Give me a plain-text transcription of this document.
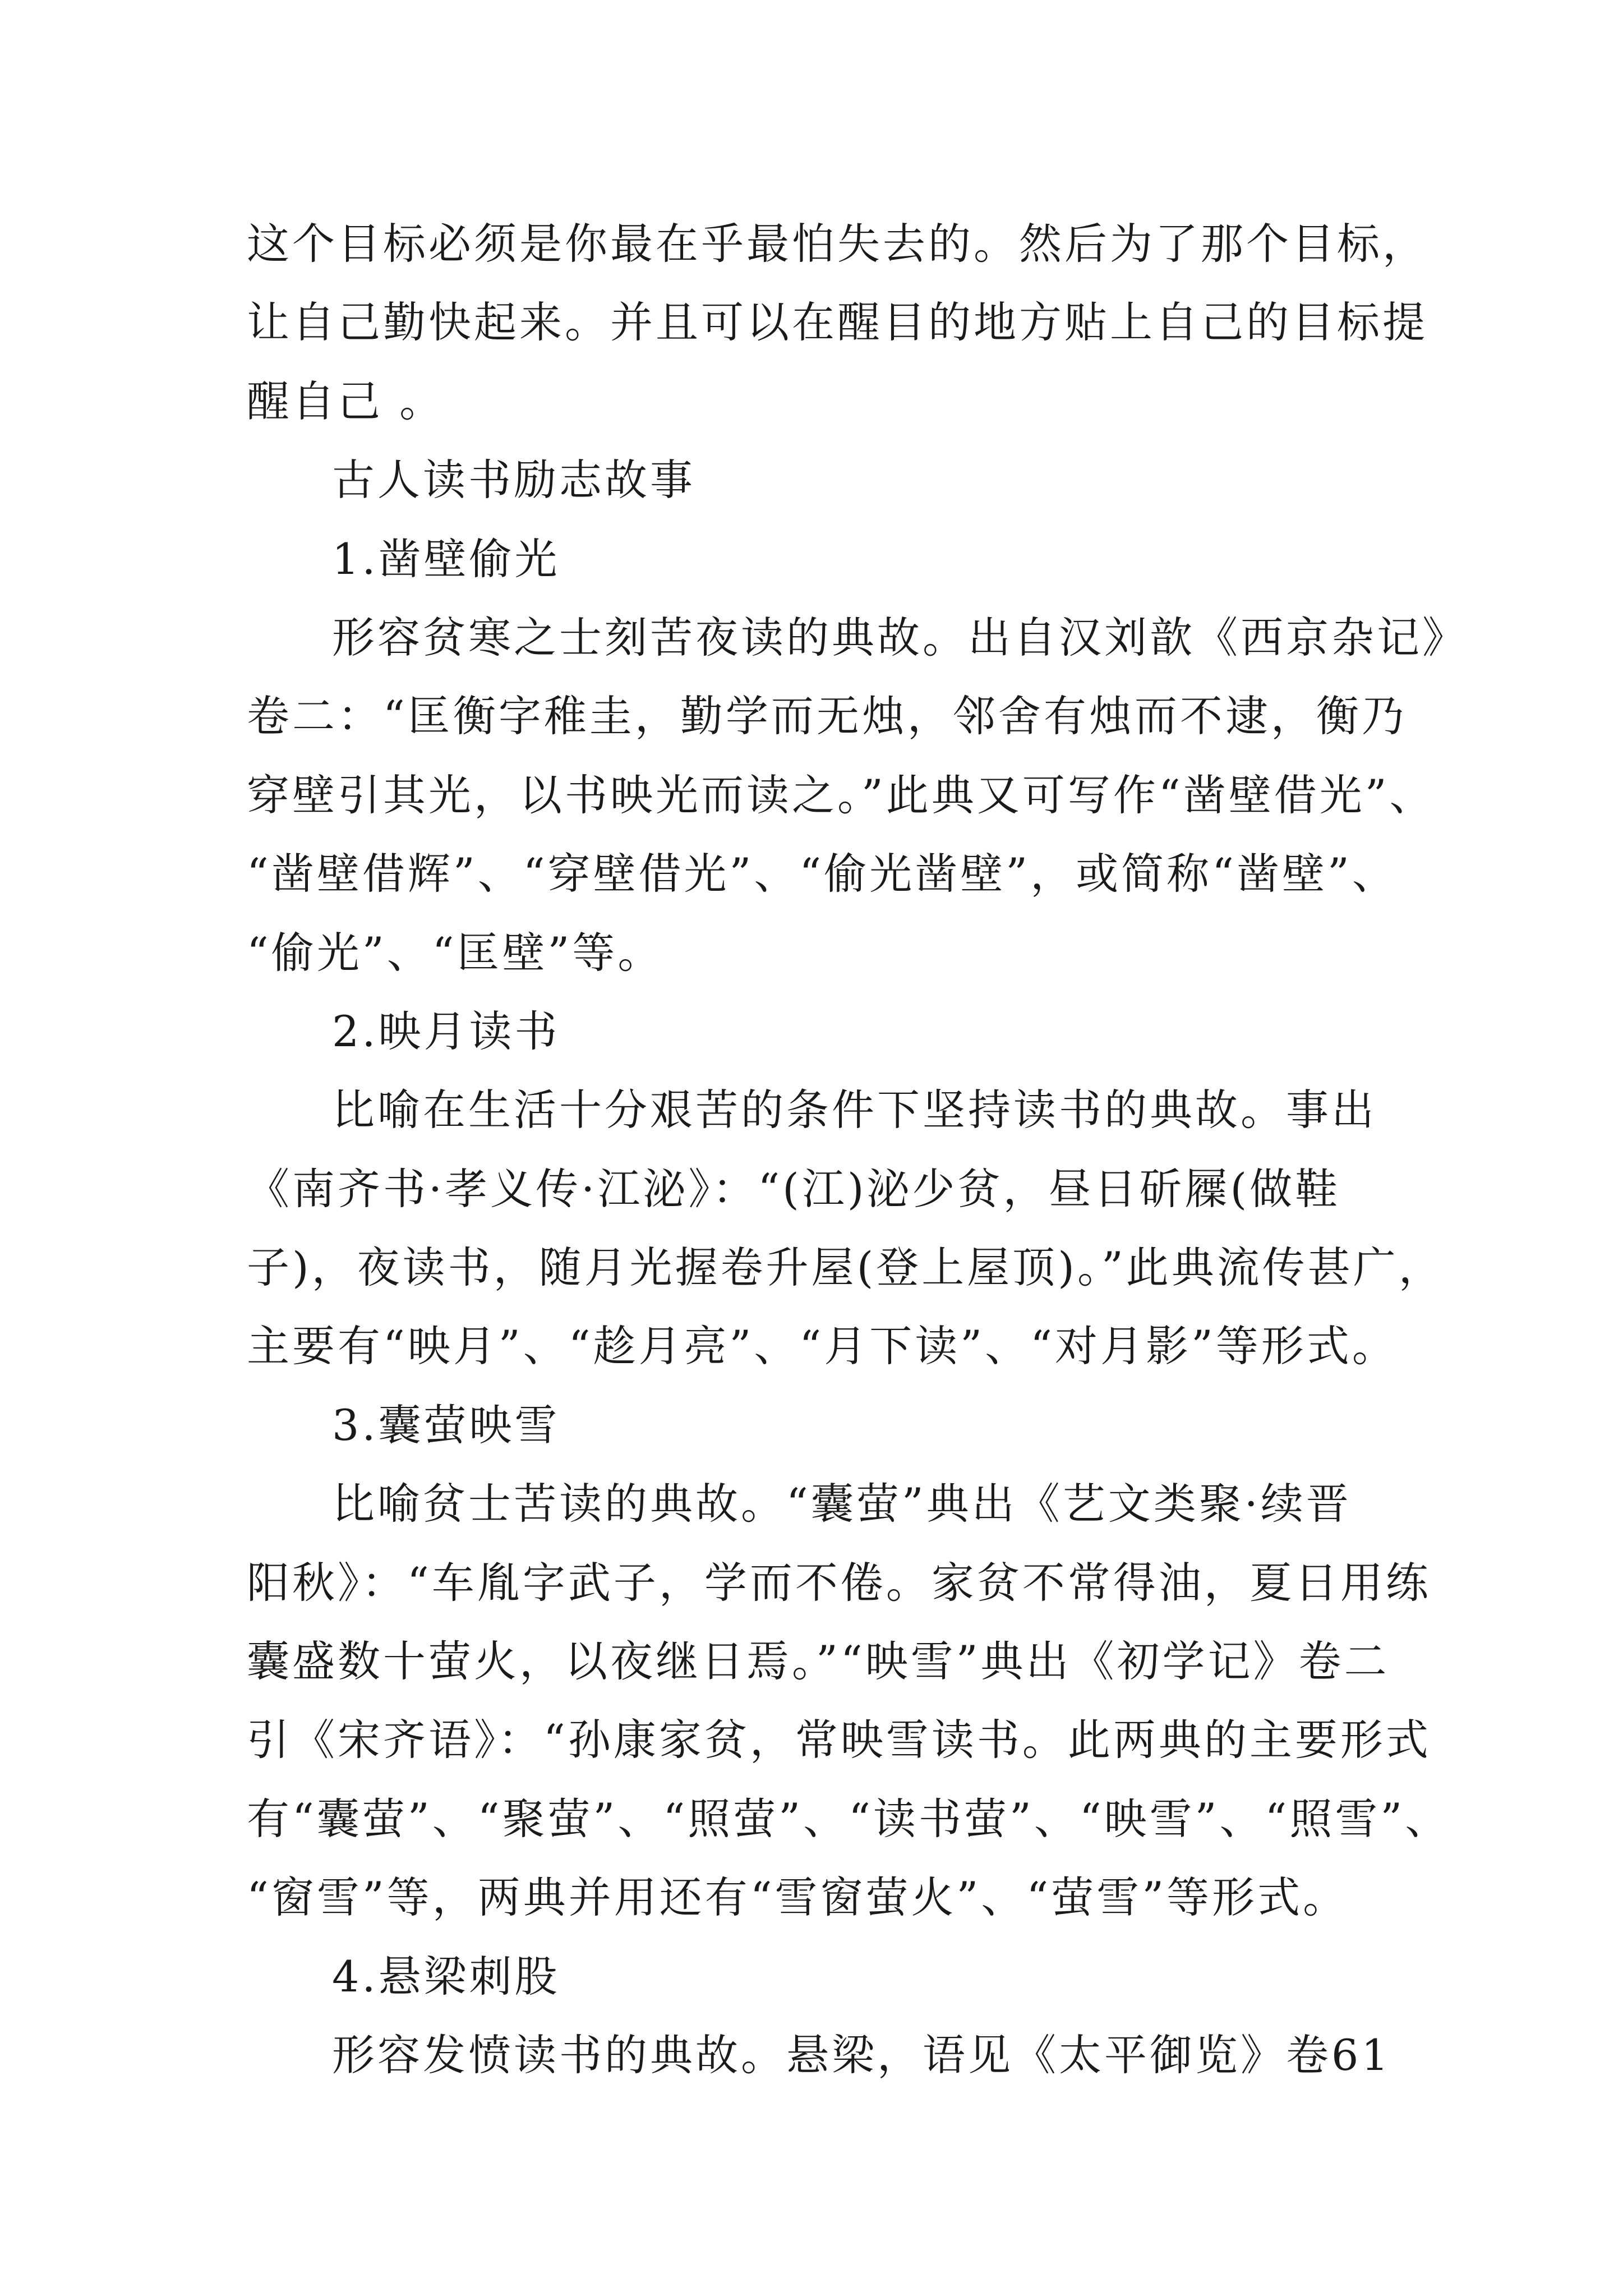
这个目标必须是你最在乎最怕失去的。然后为了那个目标，
让自己勤快起来。并且可以在醒目的地方贴上自己的目标提
醒自己 。
古人读书励志故事
1.凿壁偷光
形容贫寒之士刻苦夜读的典故。出自汉刘歆《西京杂记》
卷二：“匡衡字稚圭，勤学而无烛，邻舍有烛而不逮，衡乃
穿壁引其光，以书映光而读之。”此典又可写作“凿壁借光”、
“凿壁借辉”、“穿壁借光”、“偷光凿壁”，或简称“凿壁”、
“偷光”、“匡壁”等。
2.映月读书
比喻在生活十分艰苦的条件下坚持读书的典故。事出
《南齐书·孝义传·江泌》：“(江)泌少贫，昼日斫屧(做鞋
子)，夜读书，随月光握卷升屋(登上屋顶)。”此典流传甚广，
主要有“映月”、“趁月亮”、“月下读”、“对月影”等形式。
3.囊萤映雪
比喻贫士苦读的典故。“囊萤”典出《艺文类聚·续晋
阳秋》：“车胤字武子，学而不倦。家贫不常得油，夏日用练
囊盛数十萤火，以夜继日焉。”“映雪”典出《初学记》卷二
引《宋齐语》：“孙康家贫，常映雪读书。此两典的主要形式
有“囊萤”、“聚萤”、“照萤”、“读书萤”、“映雪”、“照雪”、
“窗雪”等，两典并用还有“雪窗萤火”、“萤雪”等形式。
4.悬梁刺股
形容发愤读书的典故。悬梁，语见《太平御览》卷61
